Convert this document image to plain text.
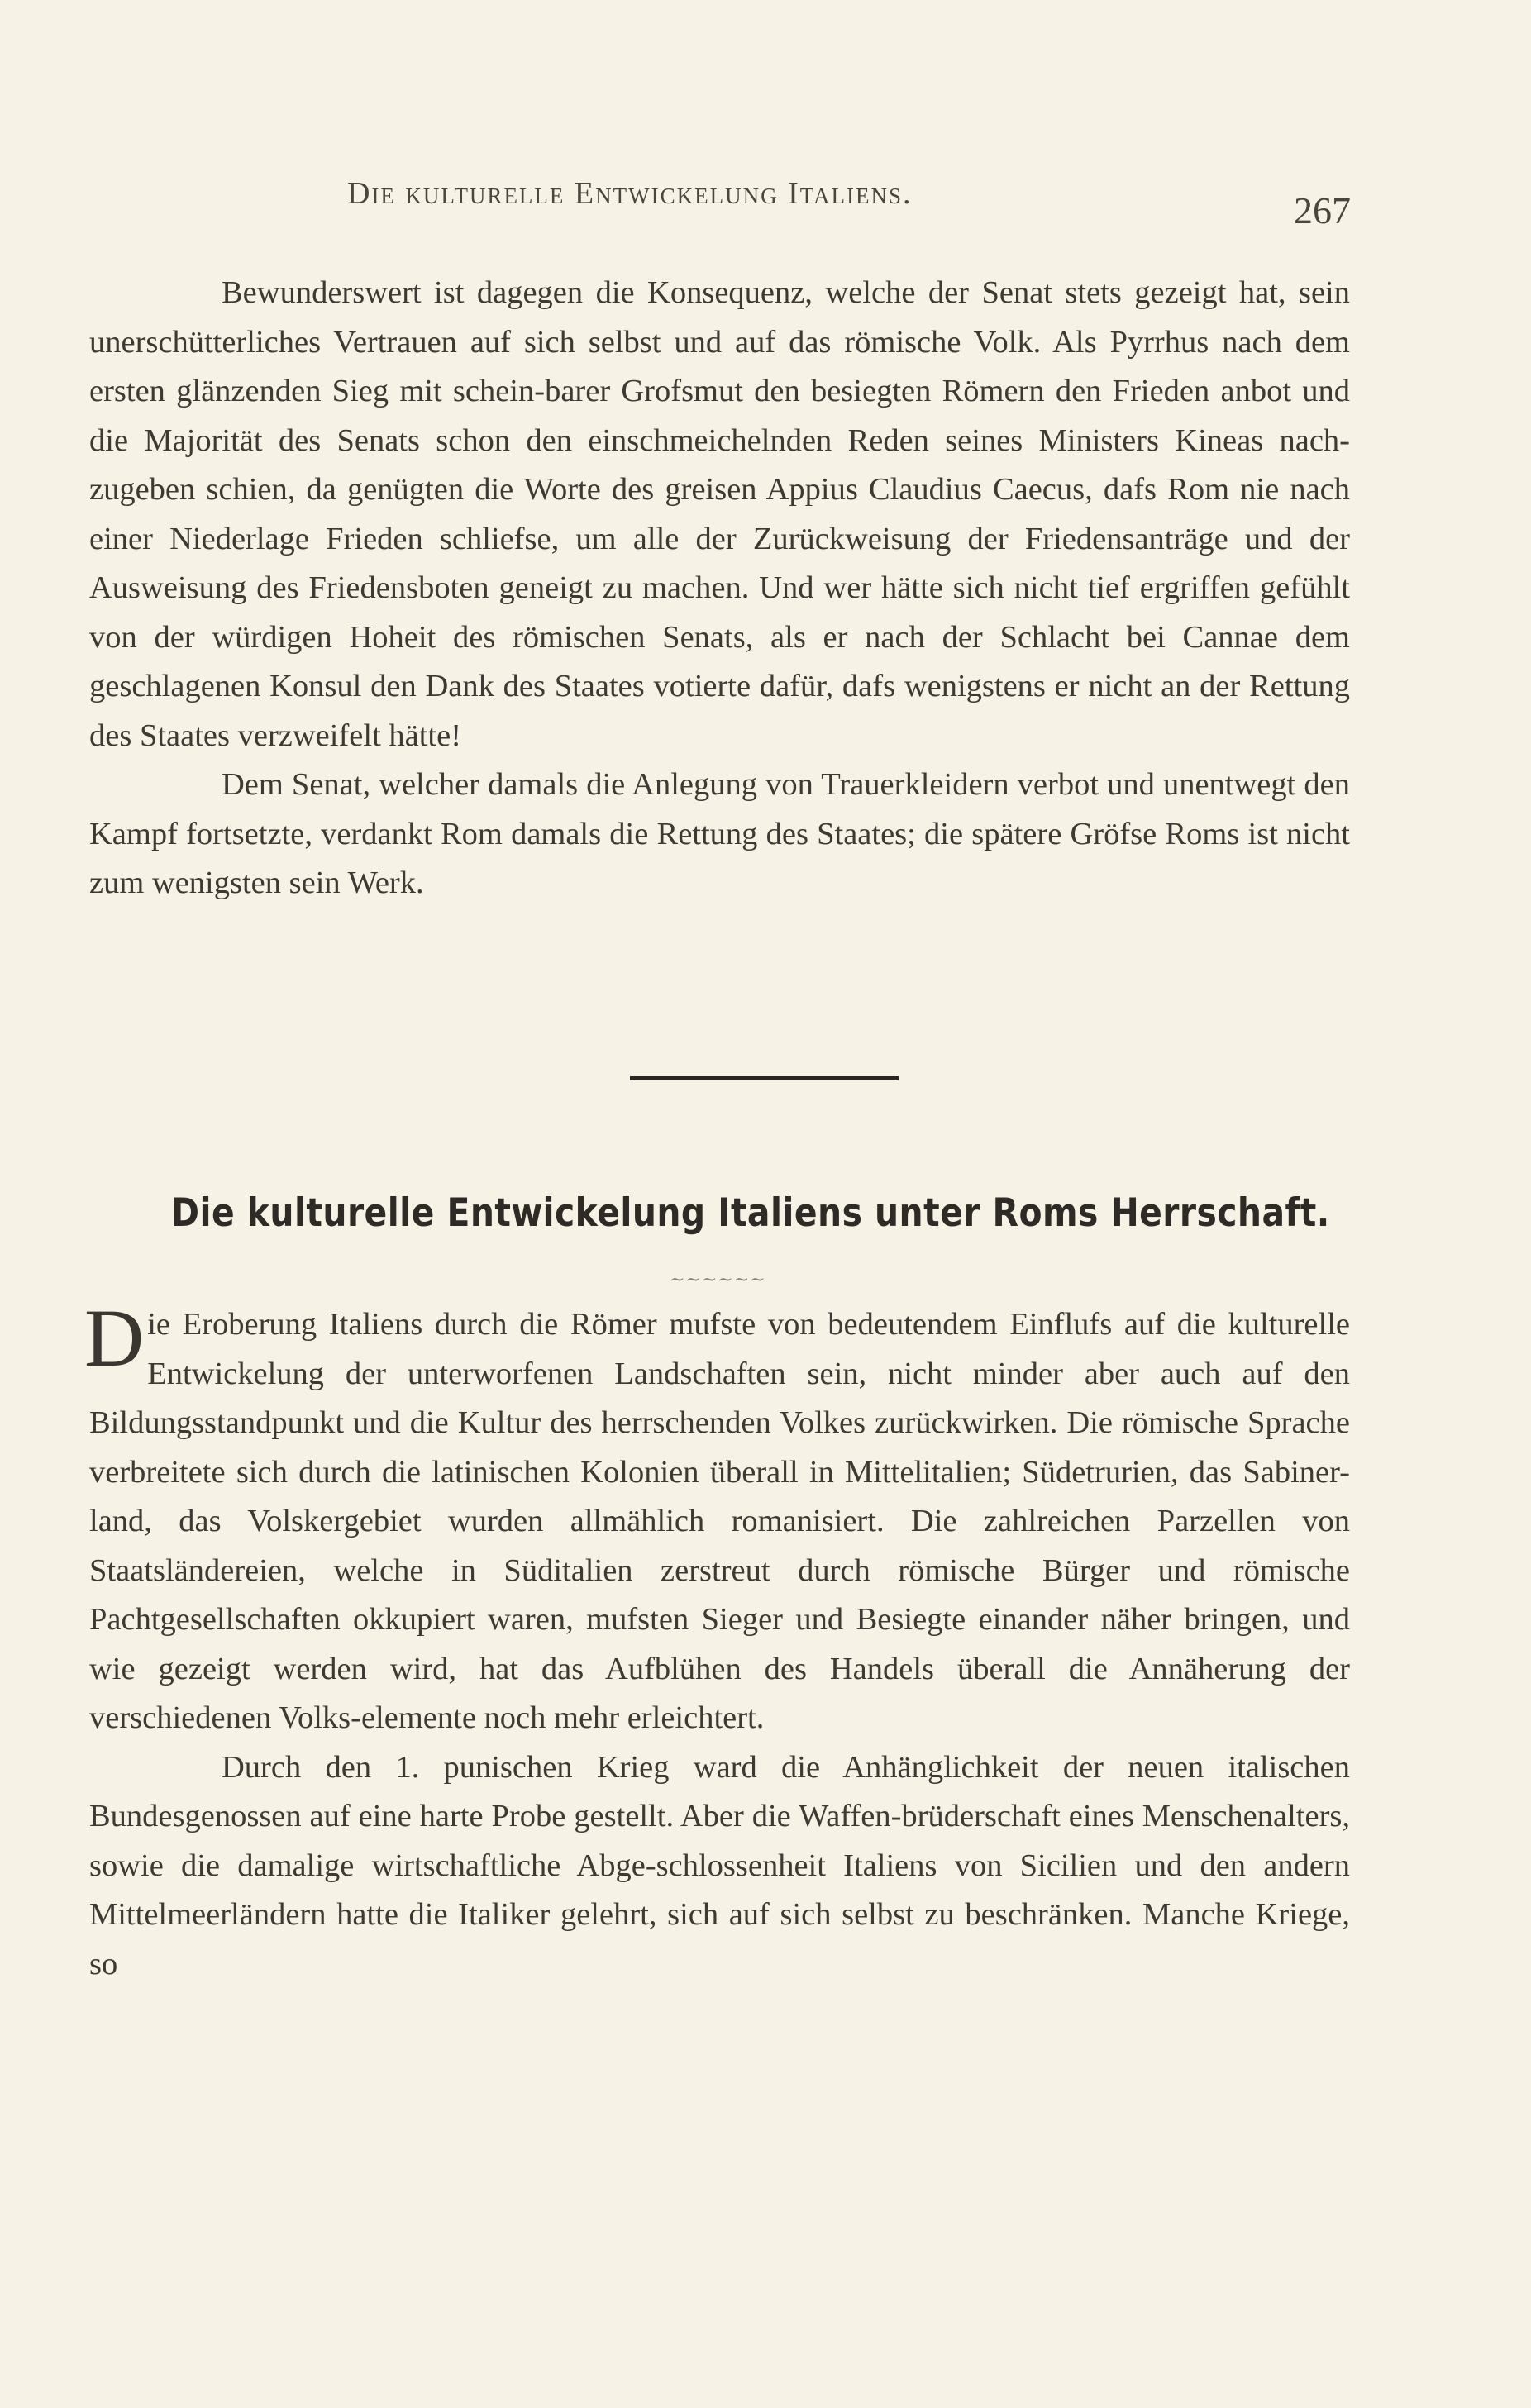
Die kulturelle Entwickelung Italiens.	267

Bewunderswert ist dagegen die Konsequenz, welche der Senat stets gezeigt hat, sein unerschütterliches Vertrauen auf sich selbst und auf das römische Volk. Als Pyrrhus nach dem ersten glänzenden Sieg mit schein-barer Grofsmut den besiegten Römern den Frieden anbot und die Majorität des Senats schon den einschmeichelnden Reden seines Ministers Kineas nach-zugeben schien, da genügten die Worte des greisen Appius Claudius Caecus, dafs Rom nie nach einer Niederlage Frieden schliefse, um alle der Zurückweisung der Friedensanträge und der Ausweisung des Friedensboten geneigt zu machen. Und wer hätte sich nicht tief ergriffen gefühlt von der würdigen Hoheit des römischen Senats, als er nach der Schlacht bei Cannae dem geschlagenen Konsul den Dank des Staates votierte dafür, dafs wenigstens er nicht an der Rettung des Staates verzweifelt hätte!

Dem Senat, welcher damals die Anlegung von Trauerkleidern verbot und unentwegt den Kampf fortsetzte, verdankt Rom damals die Rettung des Staates; die spätere Gröfse Roms ist nicht zum wenigsten sein Werk.

Die kulturelle Entwickelung Italiens unter Roms Herrschaft.
~~~~~~

Die Eroberung Italiens durch die Römer mufste von bedeutendem Einflufs auf die kulturelle Entwickelung der unterworfenen Landschaften sein, nicht minder aber auch auf den Bildungsstandpunkt und die Kultur des herrschenden Volkes zurückwirken. Die römische Sprache verbreitete sich durch die latinischen Kolonien überall in Mittelitalien; Südetrurien, das Sabiner-land, das Volskergebiet wurden allmählich romanisiert. Die zahlreichen Parzellen von Staatsländereien, welche in Süditalien zerstreut durch römische Bürger und römische Pachtgesellschaften okkupiert waren, mufsten Sieger und Besiegte einander näher bringen, und wie gezeigt werden wird, hat das Aufblühen des Handels überall die Annäherung der verschiedenen Volks-elemente noch mehr erleichtert.

Durch den 1. punischen Krieg ward die Anhänglichkeit der neuen italischen Bundesgenossen auf eine harte Probe gestellt. Aber die Waffen-brüderschaft eines Menschenalters, sowie die damalige wirtschaftliche Abge-schlossenheit Italiens von Sicilien und den andern Mittelmeerländern hatte die Italiker gelehrt, sich auf sich selbst zu beschränken. Manche Kriege, so
